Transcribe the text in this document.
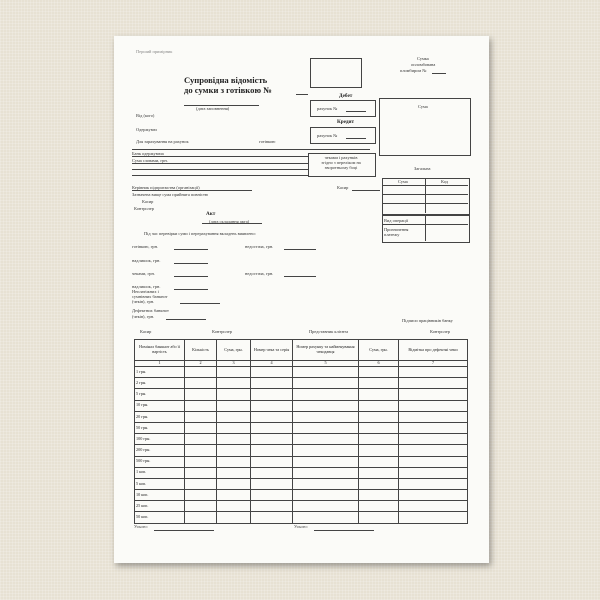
Перший примірник
Супровідна відомість
до сумки з готівкою №
(дата заповнення)
Сумка
опломбована
пломбиром №
Від (кого)
Одержувач
Для зарахування на рахунок	готівкою
Дебет
рахунок №
Кредит
рахунок №
Сума
Загальна
Банк одержувача
Сума cловами, грн.
чеками і рахунків
згідно з переліком на
зворотньому боці
Керівник підприємства (організації)	Касир
Зазначена вище сума прийнята повністю
Касир
Контролер
Сума	Код
Вид операції
Призначення
платежу
Акт
(дата складання акта)
Під час перевірки суми і перерахування вкладень виявлено:
готівкою, грн.	недостача, грн.
надлишок, грн.
чеками, грн.	недостача, грн.
надлишок, грн.
Неплатіжних і
сумнівних банкнот
(чеків), грн.
Дефектних банкнот
(чеків), грн.
Підписи працівників банку
Касир	Контролер	Представник клієнта	Контролер
Номінал банкнот або її вартість	Кількість	Сума, грн.	Номер чека та серія	Номер рахунку та найменування чекодавця	Сума, грн.	Відмітка про дефектні чеки
1	2	3	4	5	6	7
1 грн.						
2 грн.						
5 грн.						
10 грн.						
20 грн.						
50 грн.						
100 грн.						
200 грн.						
500 грн.						
1 коп.						
5 коп.						
10 коп.						
25 коп.						
50 коп.						
Усього:	Усього:
